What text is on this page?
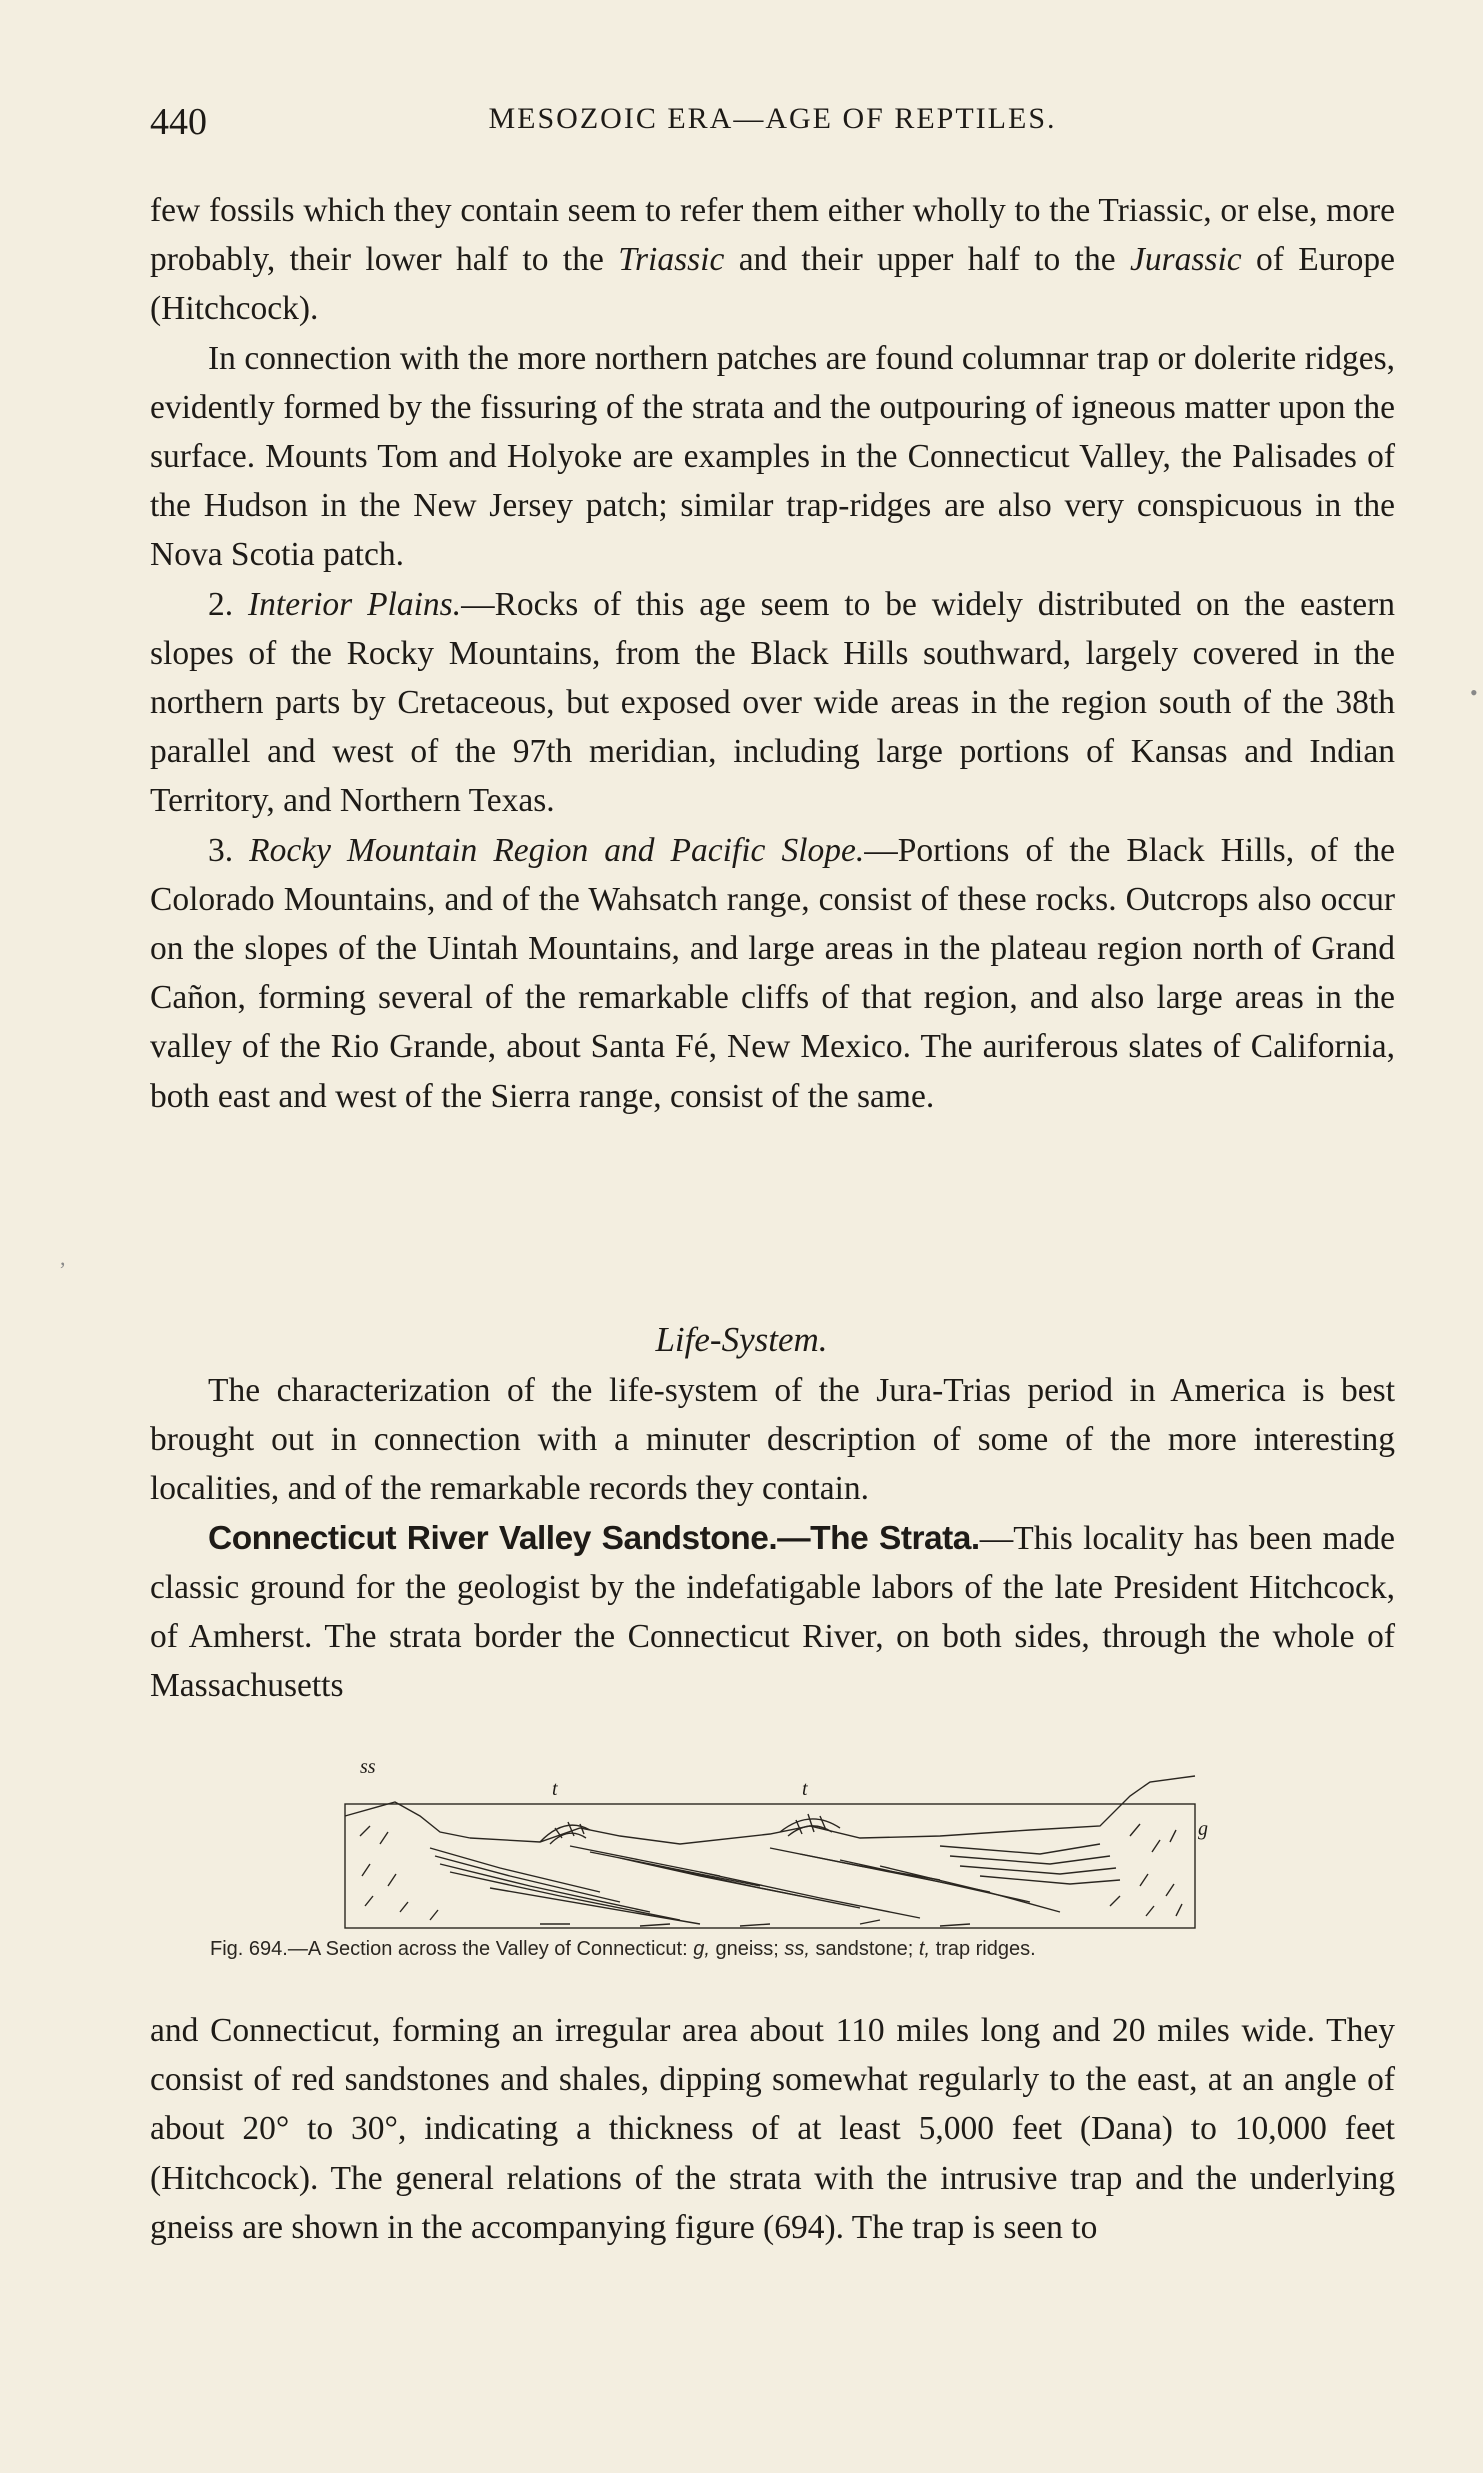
440	MESOZOIC ERA—AGE OF REPTILES.

few fossils which they contain seem to refer them either wholly to the Triassic, or else, more probably, their lower half to the Triassic and their upper half to the Jurassic of Europe (Hitchcock).

In connection with the more northern patches are found columnar trap or dolerite ridges, evidently formed by the fissuring of the strata and the outpouring of igneous matter upon the surface. Mounts Tom and Holyoke are examples in the Connecticut Valley, the Palisades of the Hudson in the New Jersey patch; similar trap-ridges are also very conspicuous in the Nova Scotia patch.

2. Interior Plains.—Rocks of this age seem to be widely distributed on the eastern slopes of the Rocky Mountains, from the Black Hills southward, largely covered in the northern parts by Cretaceous, but exposed over wide areas in the region south of the 38th parallel and west of the 97th meridian, including large portions of Kansas and Indian Territory, and Northern Texas.

3. Rocky Mountain Region and Pacific Slope.—Portions of the Black Hills, of the Colorado Mountains, and of the Wahsatch range, consist of these rocks. Outcrops also occur on the slopes of the Uintah Mountains, and large areas in the plateau region north of Grand Cañon, forming several of the remarkable cliffs of that region, and also large areas in the valley of the Rio Grande, about Santa Fé, New Mexico. The auriferous slates of California, both east and west of the Sierra range, consist of the same.

Life-System.

The characterization of the life-system of the Jura-Trias period in America is best brought out in connection with a minuter description of some of the more interesting localities, and of the remarkable records they contain.

Connecticut River Valley Sandstone.—The Strata.—This locality has been made classic ground for the geologist by the indefatigable labors of the late President Hitchcock, of Amherst. The strata border the Connecticut River, on both sides, through the whole of Massachusetts

ss
t	t
g
Fig. 694.—A Section across the Valley of Connecticut: g, gneiss; ss, sandstone; t, trap ridges.

and Connecticut, forming an irregular area about 110 miles long and 20 miles wide. They consist of red sandstones and shales, dipping somewhat regularly to the east, at an angle of about 20° to 30°, indicating a thickness of at least 5,000 feet (Dana) to 10,000 feet (Hitchcock). The general relations of the strata with the intrusive trap and the underlying gneiss are shown in the accompanying figure (694). The trap is seen to

•
,
